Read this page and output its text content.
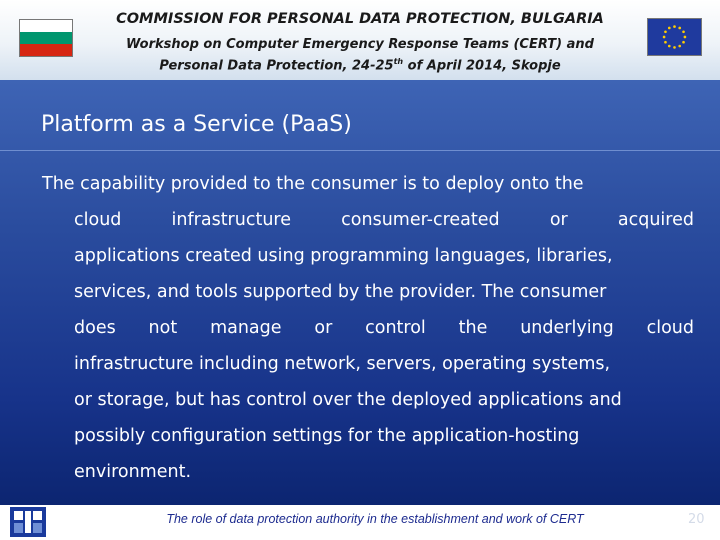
COMMISSION FOR PERSONAL DATA PROTECTION, BULGARIA
Workshop on Computer Emergency Response Teams (CERT) and
Personal Data Protection, 24-25th of April 2014, Skopje
Platform as a Service (PaaS)
The capability provided to the consumer is to deploy onto the
cloud	infrastructure	consumer-created	or	acquired
applications created using programming languages, libraries,
services, and tools supported by the provider. The consumer
does not manage or control the underlying cloud
infrastructure including network, servers, operating systems,
or storage, but has control over the deployed applications and
possibly configuration settings for the application-hosting
environment.
The role of data protection authority in the establishment and work of CERT	20
